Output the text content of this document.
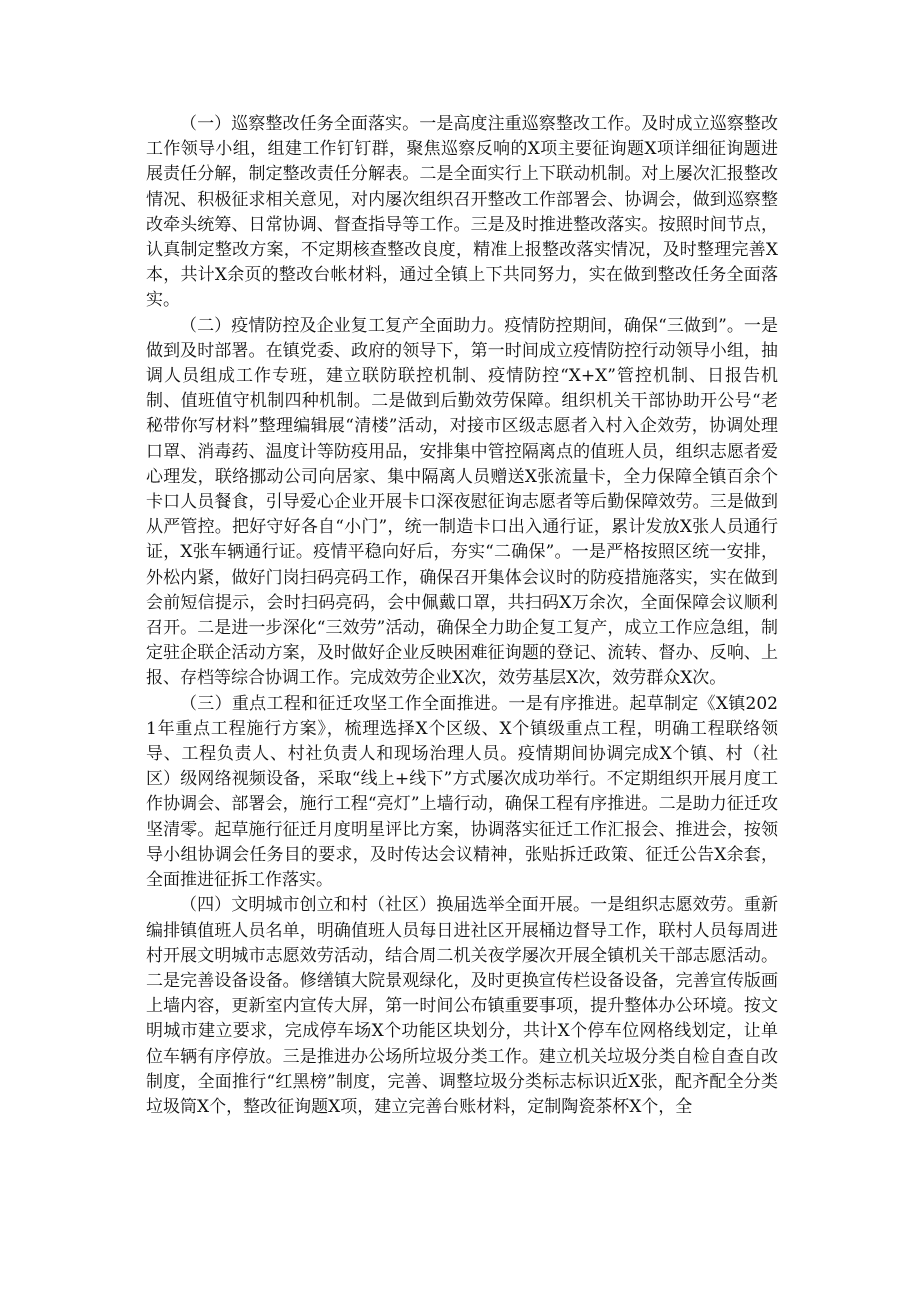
（一）巡察整改任务全面落实。一是高度注重巡察整改工作。及时成立巡察整改工作领导小组，组建工作钉钉群，聚焦巡察反响的X项主要征询题X项详细征询题进展责任分解，制定整改责任分解表。二是全面实行上下联动机制。对上屡次汇报整改情况、积极征求相关意见，对内屡次组织召开整改工作部署会、协调会，做到巡察整改牵头统筹、日常协调、督查指导等工作。三是及时推进整改落实。按照时间节点，认真制定整改方案，不定期核查整改良度，精准上报整改落实情况，及时整理完善X本，共计X余页的整改台帐材料，通过全镇上下共同努力，实在做到整改任务全面落实。

（二）疫情防控及企业复工复产全面助力。疫情防控期间，确保“三做到”。一是做到及时部署。在镇党委、政府的领导下，第一时间成立疫情防控行动领导小组，抽调人员组成工作专班，建立联防联控机制、疫情防控“X+X”管控机制、日报告机制、值班值守机制四种机制。二是做到后勤效劳保障。组织机关干部协助开公号“老秘带你写材料”整理编辑展“清楼”活动，对接市区级志愿者入村入企效劳，协调处理口罩、消毒药、温度计等防疫用品，安排集中管控隔离点的值班人员，组织志愿者爱心理发，联络挪动公司向居家、集中隔离人员赠送X张流量卡，全力保障全镇百余个卡口人员餐食，引导爱心企业开展卡口深夜慰征询志愿者等后勤保障效劳。三是做到从严管控。把好守好各自“小门”，统一制造卡口出入通行证，累计发放X张人员通行证，X张车辆通行证。疫情平稳向好后，夯实“二确保”。一是严格按照区统一安排，外松内紧，做好门岗扫码亮码工作，确保召开集体会议时的防疫措施落实，实在做到会前短信提示，会时扫码亮码，会中佩戴口罩，共扫码X万余次，全面保障会议顺利召开。二是进一步深化“三效劳”活动，确保全力助企复工复产，成立工作应急组，制定驻企联企活动方案，及时做好企业反映困难征询题的登记、流转、督办、反响、上报、存档等综合协调工作。完成效劳企业X次，效劳基层X次，效劳群众X次。

（三）重点工程和征迁攻坚工作全面推进。一是有序推进。起草制定《X镇2021年重点工程施行方案》，梳理选择X个区级、X个镇级重点工程，明确工程联络领导、工程负责人、村社负责人和现场治理人员。疫情期间协调完成X个镇、村（社区）级网络视频设备，采取“线上+线下”方式屡次成功举行。不定期组织开展月度工作协调会、部署会，施行工程“亮灯”上墙行动，确保工程有序推进。二是助力征迁攻坚清零。起草施行征迁月度明星评比方案，协调落实征迁工作汇报会、推进会，按领导小组协调会任务目的要求，及时传达会议精神，张贴拆迁政策、征迁公告X余套，全面推进征拆工作落实。

（四）文明城市创立和村（社区）换届选举全面开展。一是组织志愿效劳。重新编排镇值班人员名单，明确值班人员每日进社区开展桶边督导工作，联村人员每周进村开展文明城市志愿效劳活动，结合周二机关夜学屡次开展全镇机关干部志愿活动。二是完善设备设备。修缮镇大院景观绿化，及时更换宣传栏设备设备，完善宣传版画上墙内容，更新室内宣传大屏，第一时间公布镇重要事项，提升整体办公环境。按文明城市建立要求，完成停车场X个功能区块划分，共计X个停车位网格线划定，让单位车辆有序停放。三是推进办公场所垃圾分类工作。建立机关垃圾分类自检自查自改制度，全面推行“红黑榜”制度，完善、调整垃圾分类标志标识近X张，配齐配全分类垃圾筒X个，整改征询题X项，建立完善台账材料，定制陶瓷茶杯X个，全
